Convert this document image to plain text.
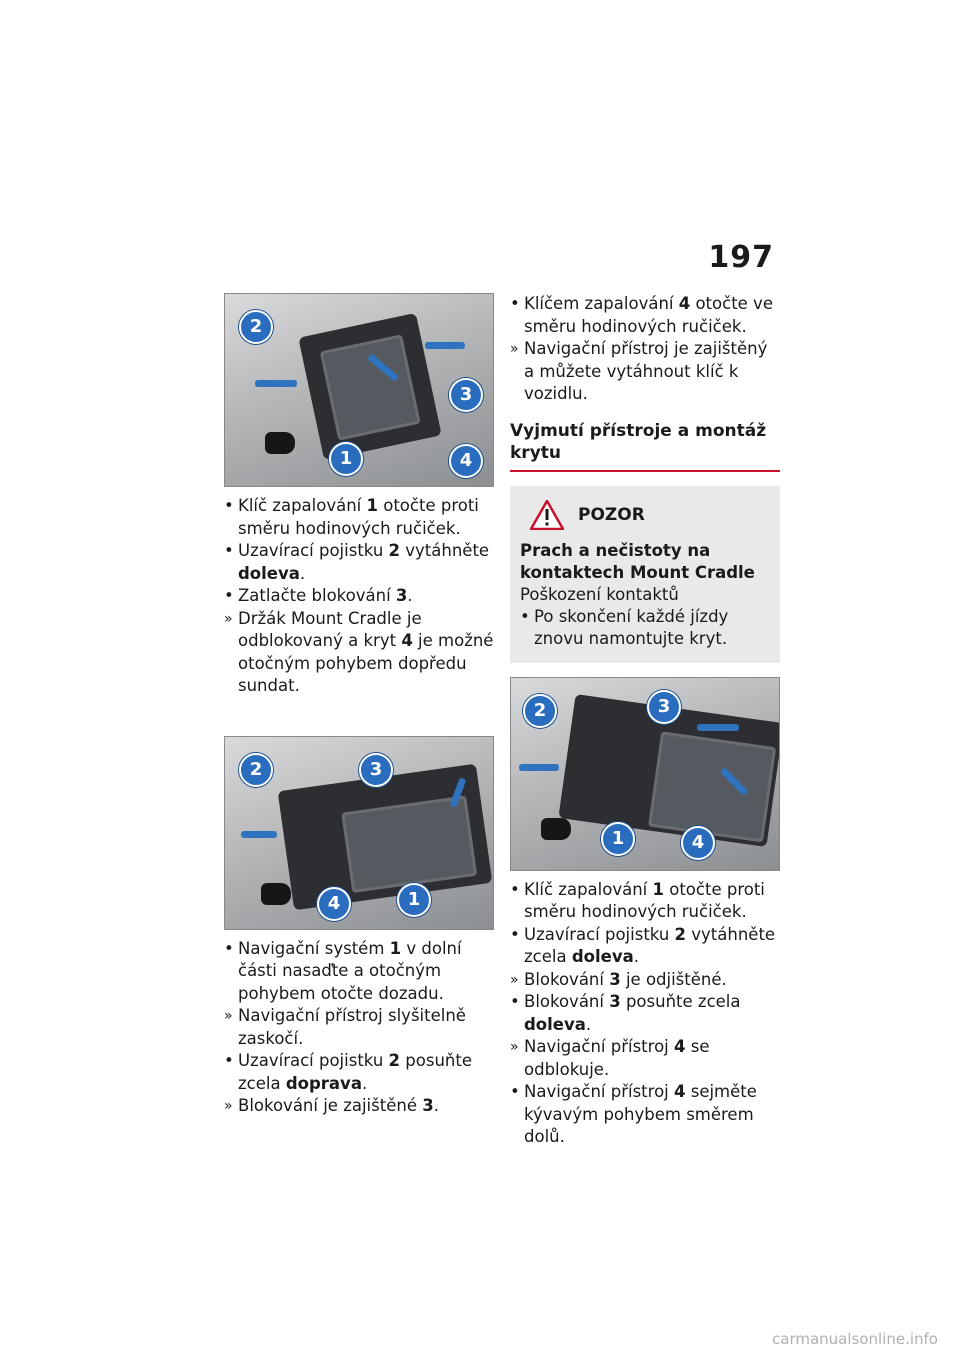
197
2
3
1	4
• Klíč zapalování 1 otočte proti směru hodinových ručiček.
• Uzavírací pojistku 2 vytáhněte doleva.
• Zatlačte blokování 3.
» Držák Mount Cradle je odblokovaný a kryt 4 je možné otočným pohybem dopředu sundat.
2	3
4	1
• Navigační systém 1 v dolní části nasaďte a otočným pohybem otočte dozadu.
» Navigační přístroj slyšitelně zaskočí.
• Uzavírací pojistku 2 posuňte zcela doprava.
» Blokování je zajištěné 3.
• Klíčem zapalování 4 otočte ve směru hodinových ručiček.
» Navigační přístroj je zajištěný a můžete vytáhnout klíč k vozidlu.
Vyjmutí přístroje a montáž krytu
POZOR
Prach a nečistoty na kontaktech Mount Cradle
Poškození kontaktů
• Po skončení každé jízdy znovu namontujte kryt.
2	3
1	4
• Klíč zapalování 1 otočte proti směru hodinových ručiček.
• Uzavírací pojistku 2 vytáhněte zcela doleva.
» Blokování 3 je odjištěné.
• Blokování 3 posuňte zcela doleva.
» Navigační přístroj 4 se odblokuje.
• Navigační přístroj 4 sejměte kývavým pohybem směrem dolů.
carmanualsonline.info
